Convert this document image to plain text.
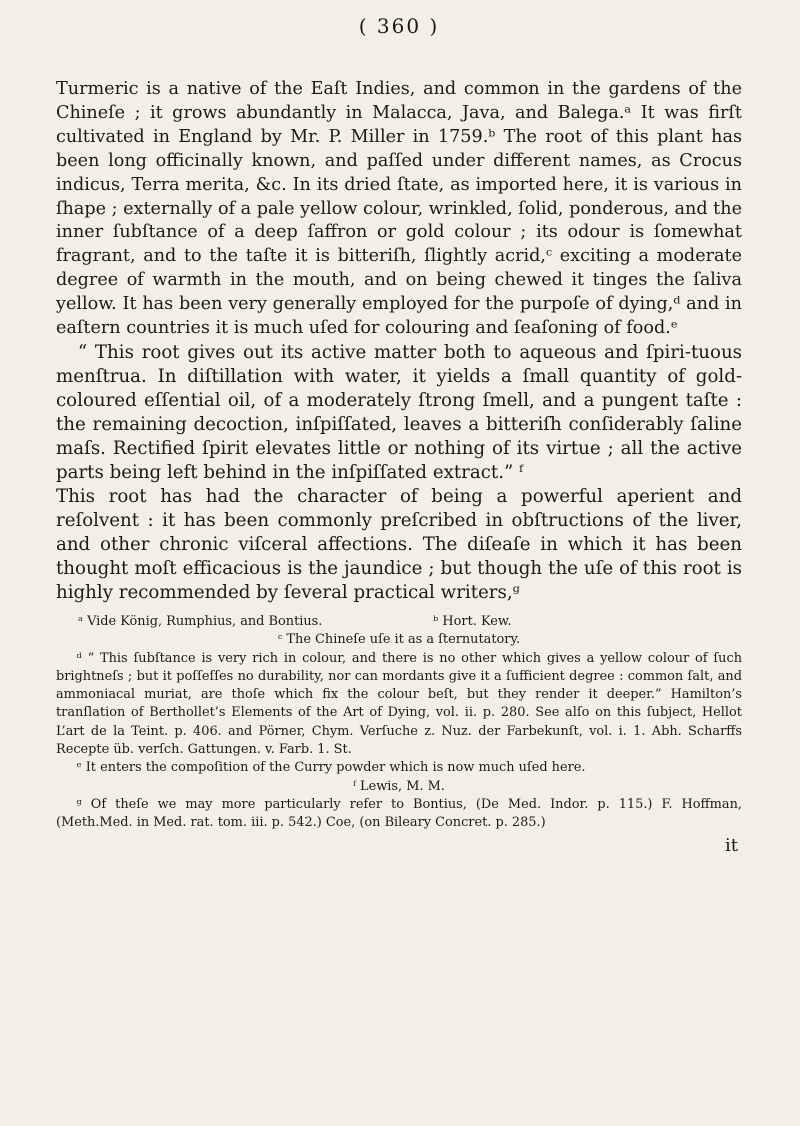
( 360 )

Turmeric is a native of the Eaſt Indies, and common in the gardens of the Chineſe ; it grows abundantly in Malacca, Java, and Balega.ᵃ It was firſt cultivated in England by Mr. P. Miller in 1759.ᵇ The root of this plant has been long officinally known, and paſſed under different names, as Crocus indicus, Terra merita, &c. In its dried ſtate, as imported here, it is various in ſhape ; externally of a pale yellow colour, wrinkled, ſolid, ponderous, and the inner ſubſtance of a deep ſaffron or gold colour ; its odour is ſomewhat fragrant, and to the taſte it is bitteriſh, ſlightly acrid,ᶜ exciting a moderate degree of warmth in the mouth, and on being chewed it tinges the ſaliva yellow. It has been very generally employed for the purpoſe of dying,ᵈ and in eaſtern countries it is much uſed for colouring and ſeaſoning of food.ᵉ

“ This root gives out its active matter both to aqueous and ſpiri-tuous menſtrua. In diſtillation with water, it yields a ſmall quantity of gold-coloured eſſential oil, of a moderately ſtrong ſmell, and a pungent taſte : the remaining decoction, inſpiſſated, leaves a bitteriſh conſiderably ſaline maſs. Rectified ſpirit elevates little or nothing of its virtue ; all the active parts being left behind in the inſpiſſated extract.” ᶠ

This root has had the character of being a powerful aperient and reſolvent : it has been commonly preſcribed in obſtructions of the liver, and other chronic viſceral affections. The diſeaſe in which it has been thought moſt efficacious is the jaundice ; but though the uſe of this root is highly recommended by ſeveral practical writers,ᵍ

ᵃ Vide König, Rumphius, and Bontius.	ᵇ Hort. Kew.

ᶜ The Chineſe uſe it as a ſternutatory.

ᵈ “ This ſubſtance is very rich in colour, and there is no other which gives a yellow colour of ſuch brightneſs ; but it poſſeſſes no durability, nor can mordants give it a ſufficient degree : common ſalt, and ammoniacal muriat, are thoſe which fix the colour beſt, but they render it deeper.” Hamilton’s tranſlation of Berthollet’s Elements of the Art of Dying, vol. ii. p. 280. See alſo on this ſubject, Hellot L’art de la Teint. p. 406. and Pörner, Chym. Verſuche z. Nuz. der Farbekunſt, vol. i. 1. Abh. Scharffs Recepte üb. verſch. Gattungen. v. Farb. 1. St.

ᵉ It enters the compoſition of the Curry powder which is now much uſed here.

ᶠ Lewis, M. M.

ᵍ Of theſe we may more particularly refer to Bontius, (De Med. Indor. p. 115.) F. Hoffman, (Meth.Med. in Med. rat. tom. iii. p. 542.) Coe, (on Bileary Concret. p. 285.)

it
